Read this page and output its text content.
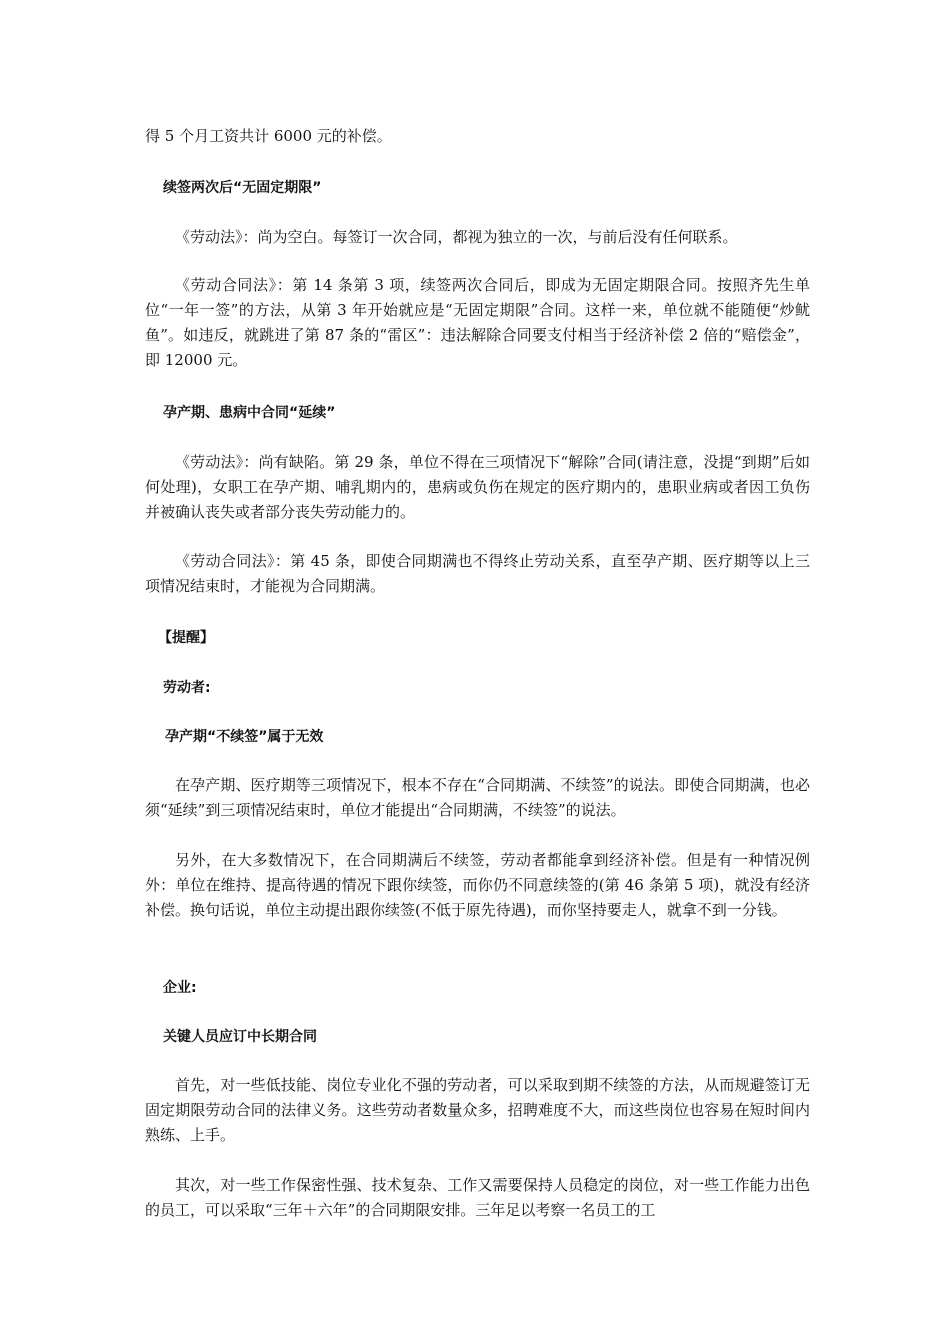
得 5 个月工资共计 6000 元的补偿。

续签两次后“无固定期限”

《劳动法》：尚为空白。每签订一次合同，都视为独立的一次，与前后没有任何联系。

《劳动合同法》：第 14 条第 3 项，续签两次合同后，即成为无固定期限合同。按照齐先生单位“一年一签”的方法，从第 3 年开始就应是“无固定期限”合同。这样一来，单位就不能随便“炒鱿鱼”。如违反，就跳进了第 87 条的“雷区”：违法解除合同要支付相当于经济补偿 2 倍的“赔偿金”，即 12000 元。

孕产期、患病中合同“延续”

《劳动法》：尚有缺陷。第 29 条，单位不得在三项情况下“解除”合同(请注意，没提“到期”后如何处理)，女职工在孕产期、哺乳期内的，患病或负伤在规定的医疗期内的，患职业病或者因工负伤并被确认丧失或者部分丧失劳动能力的。

《劳动合同法》：第 45 条，即使合同期满也不得终止劳动关系，直至孕产期、医疗期等以上三项情况结束时，才能视为合同期满。

【提醒】

劳动者:

孕产期“不续签”属于无效

在孕产期、医疗期等三项情况下，根本不存在“合同期满、不续签”的说法。即使合同期满，也必须“延续”到三项情况结束时，单位才能提出“合同期满，不续签”的说法。

另外，在大多数情况下，在合同期满后不续签，劳动者都能拿到经济补偿。但是有一种情况例外：单位在维持、提高待遇的情况下跟你续签，而你仍不同意续签的(第 46 条第 5 项)，就没有经济补偿。换句话说，单位主动提出跟你续签(不低于原先待遇)，而你坚持要走人，就拿不到一分钱。

企业:

关键人员应订中长期合同

首先，对一些低技能、岗位专业化不强的劳动者，可以采取到期不续签的方法，从而规避签订无固定期限劳动合同的法律义务。这些劳动者数量众多，招聘难度不大，而这些岗位也容易在短时间内熟练、上手。

其次，对一些工作保密性强、技术复杂、工作又需要保持人员稳定的岗位，对一些工作能力出色的员工，可以采取“三年＋六年”的合同期限安排。三年足以考察一名员工的工
